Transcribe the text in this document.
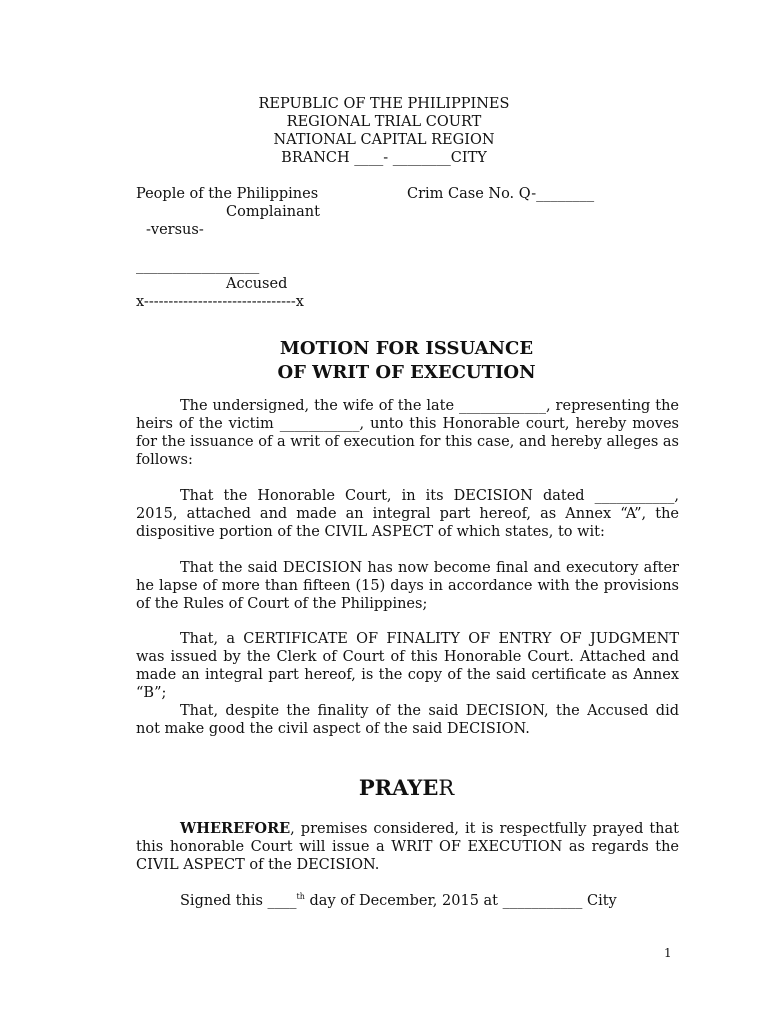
REPUBLIC OF THE PHILIPPINES
REGIONAL TRIAL COURT
NATIONAL CAPITAL REGION
BRANCH ____- ________CITY
People of the Philippines
Complainant
-versus-
_________________
Accused
x-------------------------------x
Crim Case No. Q-________
MOTION FOR ISSUANCE
OF WRIT OF EXECUTION
The undersigned, the wife of the late ____________, representing the heirs of the victim ___________, unto this Honorable court, hereby moves for the issuance of a writ of execution for this case, and hereby alleges as follows:
That the Honorable Court, in its DECISION dated ___________, 2015, attached and made an integral part hereof, as Annex “A”, the dispositive portion of the CIVIL ASPECT of which states, to wit:
That the said DECISION has now become final and executory after he lapse of more than fifteen (15) days in accordance with the provisions of the Rules of Court of the Philippines;
That, a CERTIFICATE OF FINALITY OF ENTRY OF JUDGMENT was issued by the Clerk of Court of this Honorable Court. Attached and made an integral part hereof, is the copy of the said certificate as Annex “B”;
That, despite the finality of the said DECISION, the Accused did not make good the civil aspect of the said DECISION.
PRAYER
WHEREFORE, premises considered, it is respectfully prayed that this honorable Court will issue a WRIT OF EXECUTION as regards the CIVIL ASPECT of the DECISION.
Signed this ____$^{th}$ day of December, 2015 at ___________ City
1
